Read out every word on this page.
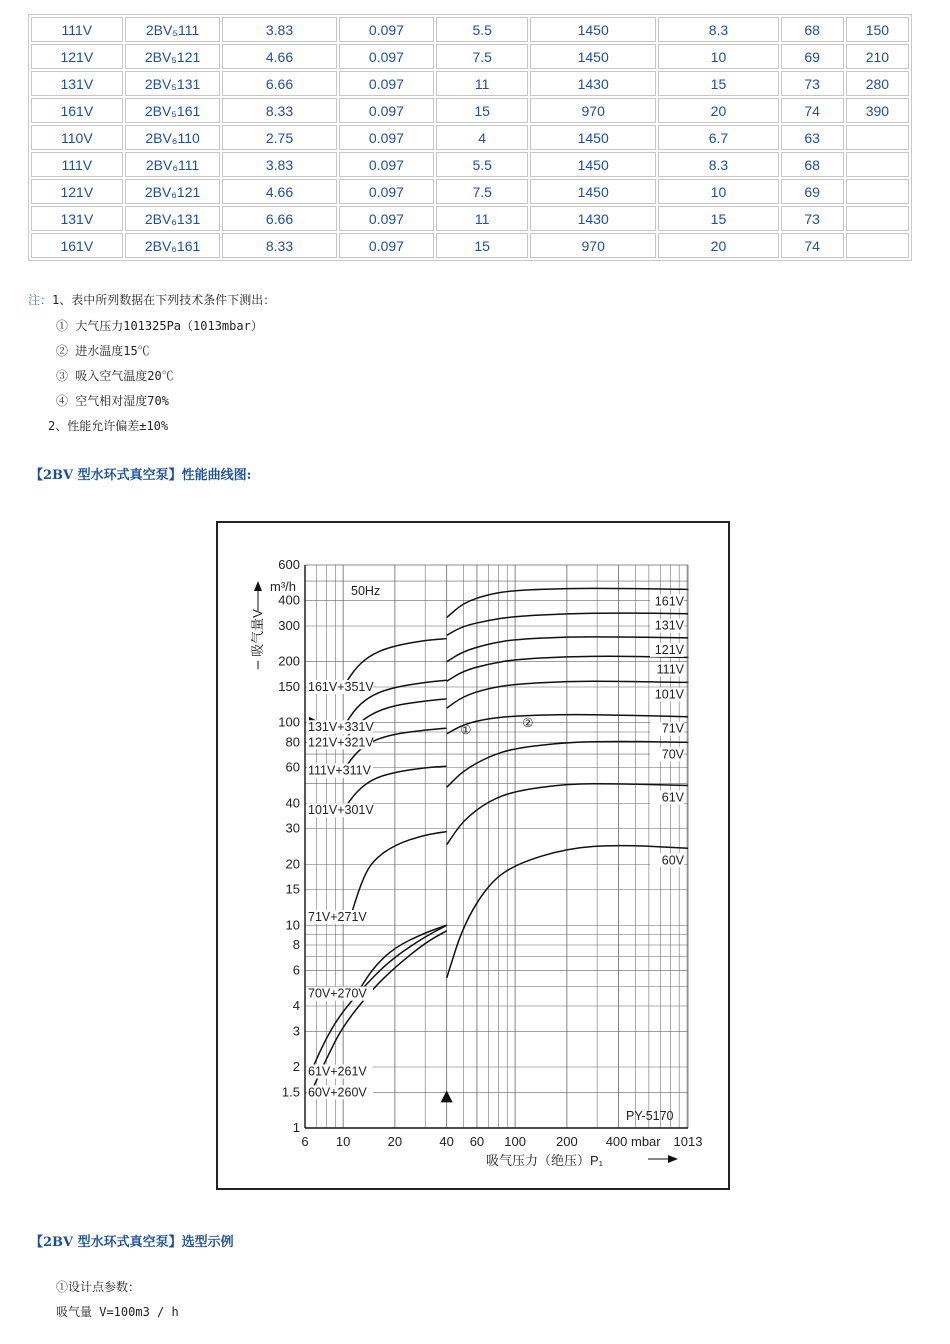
111V	2BV₅111	3.83	0.097	5.5	1450	8.3	68	150
121V	2BV₅121	4.66	0.097	7.5	1450	10	69	210
131V	2BV₅131	6.66	0.097	11	1430	15	73	280
161V	2BV₅161	8.33	0.097	15	970	20	74	390
110V	2BV₆110	2.75	0.097	4	1450	6.7	63	
111V	2BV₆111	3.83	0.097	5.5	1450	8.3	68	
121V	2BV₆121	4.66	0.097	7.5	1450	10	69	
131V	2BV₆131	6.66	0.097	11	1430	15	73	
161V	2BV₆161	8.33	0.097	15	970	20	74	
注：1、表中所列数据在下列技术条件下测出：
① 大气压力101325Pa（1013mbar）
② 进水温度15℃
③ 吸入空气温度20℃
④ 空气相对湿度70%
2、性能允许偏差±10%
【2BV 型水环式真空泵】性能曲线图:
1
1.5
2
3
4
6
8
10
15
20
30
40
60
80
100
150
200
300
400
600
6 10	20	40 60 100 200 400 mbar 1013
吸气量V
m³/h
吸气压力（绝压）P₁
50Hz
PY-5170
①	②
161V
131V
121V
111V
101V
71V
70V
61V
60V
161V+351V
131V+331V
121V+321V
111V+311V
101V+301V
71V+271V
70V+270V
61V+261V
60V+260V
【2BV 型水环式真空泵】选型示例
①设计点参数：
吸气量 V=100m3 / h
